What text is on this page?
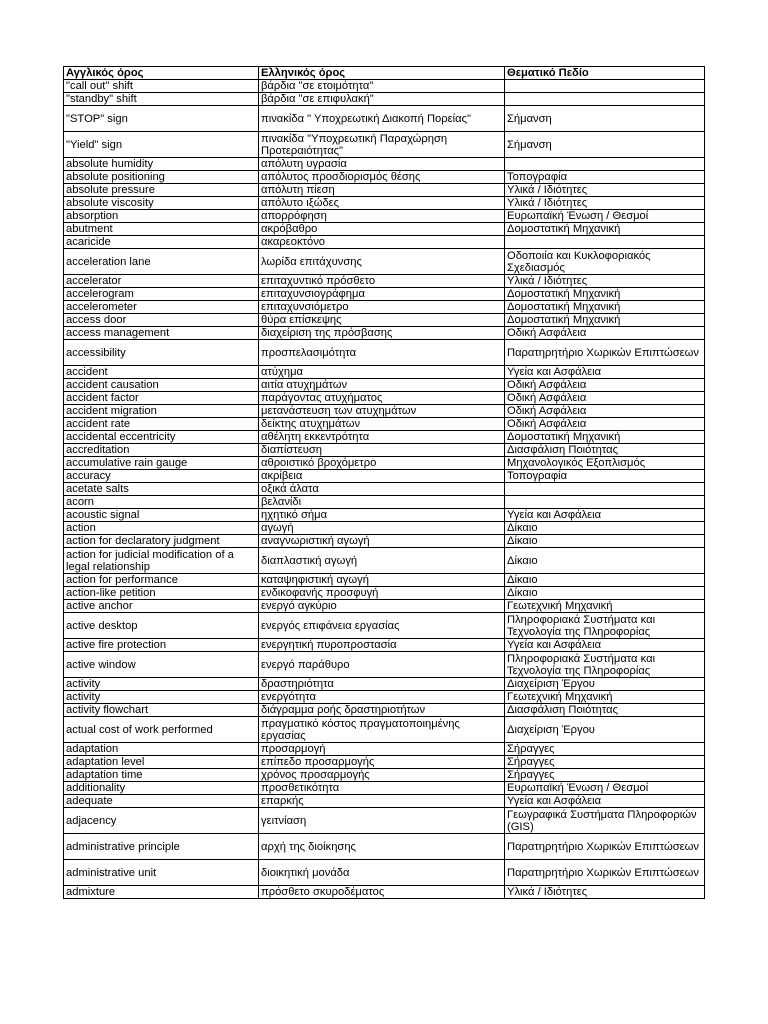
Αγγλικός όρος	Ελληνικός όρος	Θεματικό Πεδίο
"call out" shift	βάρδια "σε ετοιμότητα"	
"standby" shift	βάρδια "σε επιφυλακή"	
"STOP" sign	πινακίδα " Υποχρεωτική Διακοπή Πορείας"	Σήμανση
"Yield" sign	πινακίδα "Υποχρεωτική Παραχώρηση Προτεραιότητας"	Σήμανση
absolute humidity	απόλυτη υγρασία	
absolute positioning	απόλυτος προσδιορισμός θέσης	Τοπογραφία
absolute pressure	απόλυτη πίεση	Υλικά / Ιδιότητες
absolute viscosity	απόλυτο ιξώδες	Υλικά / Ιδιότητες
absorption	απορρόφηση	Ευρωπαϊκή Ένωση / Θεσμοί
abutment	ακρόβαθρο	Δομοστατική Μηχανική
acaricide	ακαρεοκτόνο	
acceleration lane	λωρίδα επιτάχυνσης	Οδοποιία και Κυκλοφοριακός Σχεδιασμός
accelerator	επιταχυντικό πρόσθετο	Υλικά / Ιδιότητες
accelerogram	επιταχυνσιογράφημα	Δομοστατική Μηχανική
accelerometer	επιταχυνσιόμετρο	Δομοστατική Μηχανική
access door	θύρα επίσκεψης	Δομοστατική Μηχανική
access management	διαχείριση της πρόσβασης	Οδική Ασφάλεια
accessibility	προσπελασιμότητα	Παρατηρητήριο Χωρικών Επιπτώσεων
accident	ατύχημα	Υγεία και Ασφάλεια
accident causation	αιτία ατυχημάτων	Οδική Ασφάλεια
accident factor	παράγοντας ατυχήματος	Οδική Ασφάλεια
accident migration	μετανάστευση των ατυχημάτων	Οδική Ασφάλεια
accident rate	δείκτης ατυχημάτων	Οδική Ασφάλεια
accidental eccentricity	αθέλητη εκκεντρότητα	Δομοστατική Μηχανική
accreditation	διαπίστευση	Διασφάλιση Ποιότητας
accumulative rain gauge	αθροιστικό βροχόμετρο	Μηχανολογικός Εξοπλισμός
accuracy	ακρίβεια	Τοπογραφία
acetate salts	οξικά άλατα	
acorn	βελανίδι	
acoustic signal	ηχητικό σήμα	Υγεία και Ασφάλεια
action	αγωγή	Δίκαιο
action for declaratory judgment	αναγνωριστική αγωγή	Δίκαιο
action for judicial modification of a legal relationship	διαπλαστική αγωγή	Δίκαιο
action for performance	καταψηφιστική αγωγή	Δίκαιο
action-like petition	ενδικοφανής προσφυγή	Δίκαιο
active anchor	ενεργό αγκύριο	Γεωτεχνική Μηχανική
active desktop	ενεργός επιφάνεια εργασίας	Πληροφοριακά Συστήματα και Τεχνολογία της Πληροφορίας
active fire protection	ενεργητική πυροπροστασία	Υγεία και Ασφάλεια
active window	ενεργό παράθυρο	Πληροφοριακά Συστήματα και Τεχνολογία της Πληροφορίας
activity	δραστηριότητα	Διαχείριση Έργου
activity	ενεργότητα	Γεωτεχνική Μηχανική
activity flowchart	διάγραμμα ροής δραστηριοτήτων	Διασφάλιση Ποιότητας
actual cost of work performed	πραγματικό κόστος πραγματοποιημένης εργασίας	Διαχείριση Έργου
adaptation	προσαρμογή	Σήραγγες
adaptation level	επίπεδο προσαρμογής	Σήραγγες
adaptation time	χρόνος προσαρμογής	Σήραγγες
additionality	προσθετικότητα	Ευρωπαϊκή Ένωση / Θεσμοί
adequate	επαρκής	Υγεία και Ασφάλεια
adjacency	γειτνίαση	Γεωγραφικά Συστήματα Πληροφοριών (GIS)
administrative principle	αρχή της διοίκησης	Παρατηρητήριο Χωρικών Επιπτώσεων
administrative unit	διοικητική μονάδα	Παρατηρητήριο Χωρικών Επιπτώσεων
admixture	πρόσθετο σκυροδέματος	Υλικά / Ιδιότητες
